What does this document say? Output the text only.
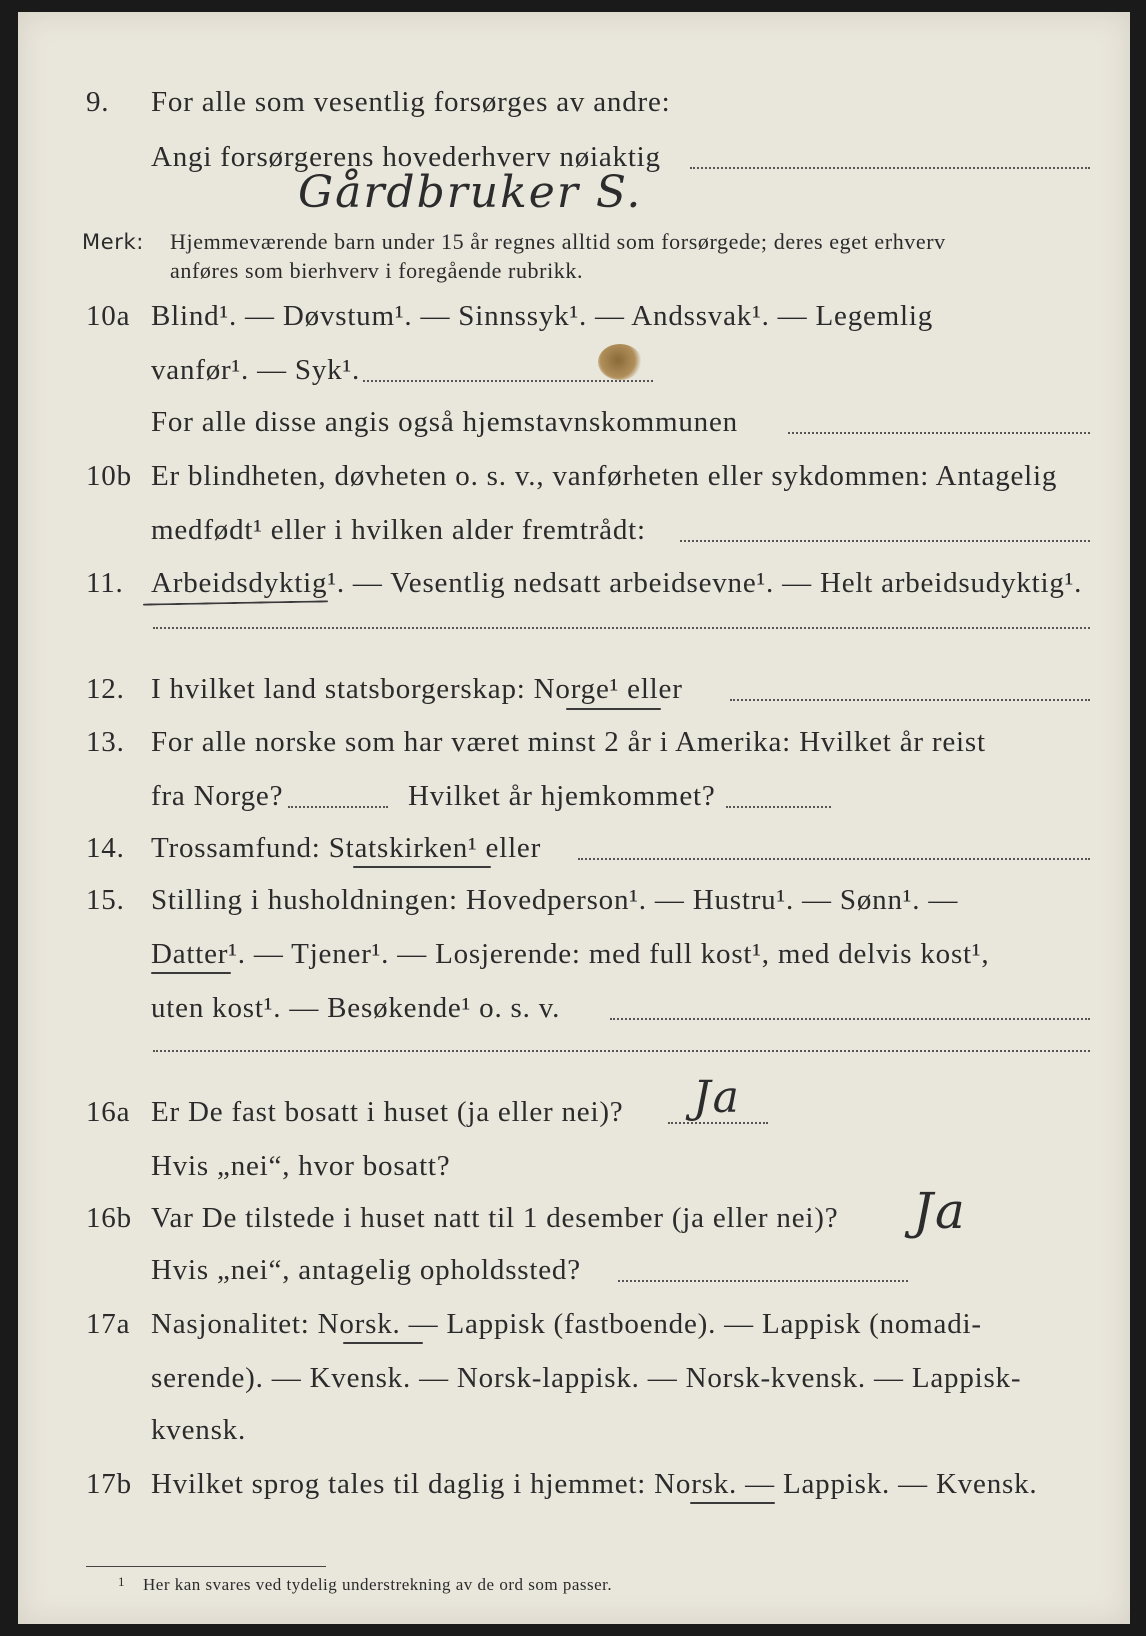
9.	For alle som vesentlig forsørges av andre:
Angi forsørgerens hovederhverv nøiaktig
Gårdbruker S.
Merk: Hjemmeværende barn under 15 år regnes alltid som forsørgede; deres eget erhverv
anføres som bierhverv i foregående rubrikk.
10a Blind¹. — Døvstum¹. — Sinnssyk¹. — Andssvak¹. — Legemlig
vanfør¹. — Syk¹.
For alle disse angis også hjemstavnskommunen
10b Er blindheten, døvheten o. s. v., vanførheten eller sykdommen: Antagelig
medfødt¹ eller i hvilken alder fremtrådt:
11. Arbeidsdyktig¹. — Vesentlig nedsatt arbeidsevne¹. — Helt arbeidsudyktig¹.
12. I hvilket land statsborgerskap: Norge¹ eller
13. For alle norske som har været minst 2 år i Amerika: Hvilket år reist
fra Norge?	Hvilket år hjemkommet?
14. Trossamfund: Statskirken¹ eller
15. Stilling i husholdningen: Hovedperson¹. — Hustru¹. — Sønn¹. —
Datter¹. — Tjener¹. — Losjerende: med full kost¹, med delvis kost¹,
uten kost¹. — Besøkende¹ o. s. v.
16a Er De fast bosatt i huset (ja eller nei)? Ja
Hvis „nei“, hvor bosatt?
16b Var De tilstede i huset natt til 1 desember (ja eller nei)? Ja
Hvis „nei“, antagelig opholdssted?
17a Nasjonalitet: Norsk. — Lappisk (fastboende). — Lappisk (nomadi-
serende). — Kvensk. — Norsk-lappisk. — Norsk-kvensk. — Lappisk-
kvensk.
17b Hvilket sprog tales til daglig i hjemmet: Norsk. — Lappisk. — Kvensk.
1 Her kan svares ved tydelig understrekning av de ord som passer.
